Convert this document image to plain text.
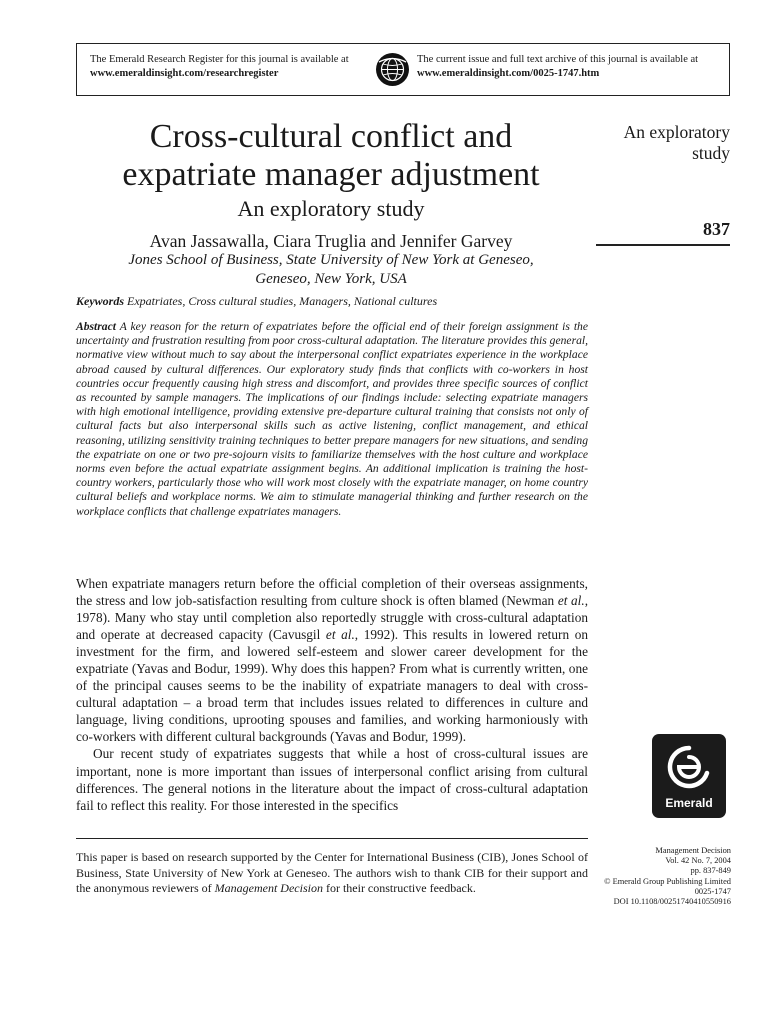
The Emerald Research Register for this journal is available at
www.emeraldinsight.com/researchregister
The current issue and full text archive of this journal is available at
www.emeraldinsight.com/0025-1747.htm
Cross-cultural conflict and
expatriate manager adjustment
An exploratory study
Avan Jassawalla, Ciara Truglia and Jennifer Garvey
Jones School of Business, State University of New York at Geneseo,
Geneseo, New York, USA
An exploratory
study
837
Keywords Expatriates, Cross cultural studies, Managers, National cultures
Abstract A key reason for the return of expatriates before the official end of their foreign assignment is the uncertainty and frustration resulting from poor cross-cultural adaptation. The literature provides this general, normative view without much to say about the interpersonal conflict expatriates experience in the workplace abroad caused by cultural differences. Our exploratory study finds that conflicts with co-workers in host countries occur frequently causing high stress and discomfort, and provides three specific sources of conflict as recounted by sample managers. The implications of our findings include: selecting expatriate managers with high emotional intelligence, providing extensive pre-departure cultural training that consists not only of cultural facts but also interpersonal skills such as active listening, conflict management, and ethical reasoning, utilizing sensitivity training techniques to better prepare managers for new situations, and sending the expatriate on one or two pre-sojourn visits to familiarize themselves with the host culture and workplace norms even before the actual expatriate assignment begins. An additional implication is training the host-country workers, particularly those who will work most closely with the expatriate manager, on home country cultural beliefs and workplace norms. We aim to stimulate managerial thinking and further research on the workplace conflicts that challenge expatriates managers.

When expatriate managers return before the official completion of their overseas assignments, the stress and low job-satisfaction resulting from culture shock is often blamed (Newman et al., 1978). Many who stay until completion also reportedly struggle with cross-cultural adaptation and operate at decreased capacity (Cavusgil et al., 1992). This results in lowered return on investment for the firm, and lowered self-esteem and slower career development for the expatriate (Yavas and Bodur, 1999). Why does this happen? From what is currently written, one of the principal causes seems to be the inability of expatriate managers to deal with cross-cultural adaptation – a broad term that includes issues related to differences in culture and language, living conditions, uprooting spouses and families, and working harmoniously with co-workers with different cultural backgrounds (Yavas and Bodur, 1999).

Our recent study of expatriates suggests that while a host of cross-cultural issues are important, none is more important than issues of interpersonal conflict arising from cultural differences. The general notions in the literature about the impact of cross-cultural adaptation fail to reflect this reality. For those interested in the specifics

This paper is based on research supported by the Center for International Business (CIB), Jones School of Business, State University of New York at Geneseo. The authors wish to thank CIB for their support and the anonymous reviewers of Management Decision for their constructive feedback.
Emerald
Management Decision
Vol. 42 No. 7, 2004
pp. 837-849
© Emerald Group Publishing Limited
0025-1747
DOI 10.1108/00251740410550916
